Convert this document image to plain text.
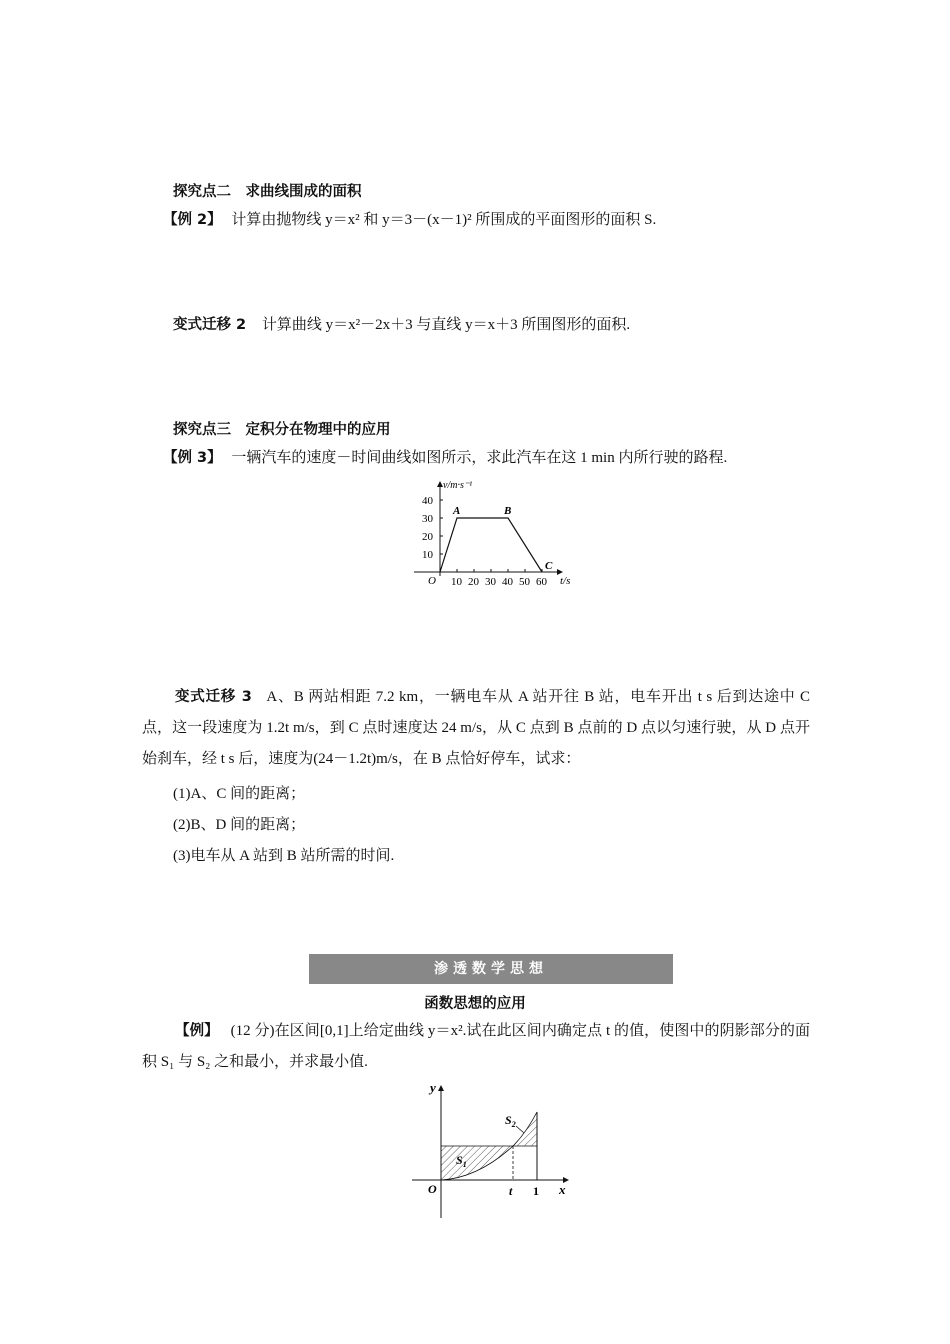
探究点二　求曲线围成的面积
【例 2】 计算由抛物线 y＝x² 和 y＝3－(x－1)² 所围成的平面图形的面积 S.
变式迁移 2 计算曲线 y＝x²－2x＋3 与直线 y＝x＋3 所围图形的面积.
探究点三　定积分在物理中的应用
【例 3】 一辆汽车的速度－时间曲线如图所示，求此汽车在这 1 min 内所行驶的路程.
10
20
30
40
10 20 30 40 50 60
v/m·s⁻¹
t/s
O
A	B
C
变式迁移 3 A、B 两站相距 7.2 km，一辆电车从 A 站开往 B 站，电车开出 t s 后到达途中 C 点，这一段速度为 1.2t m/s，到 C 点时速度达 24 m/s，从 C 点到 B 点前的 D 点以匀速行驶，从 D 点开始刹车，经 t s 后，速度为(24－1.2t)m/s，在 B 点恰好停车，试求：
(1)A、C 间的距离；
(2)B、D 间的距离；
(3)电车从 A 站到 B 站所需的时间.
渗透数学思想
函数思想的应用
【例】 (12 分)在区间[0,1]上给定曲线 y＝x².试在此区间内确定点 t 的值，使图中的阴影部分的面积 S₁ 与 S₂ 之和最小，并求最小值.
y
x
O	t 1
$S_1$
$S_2$
